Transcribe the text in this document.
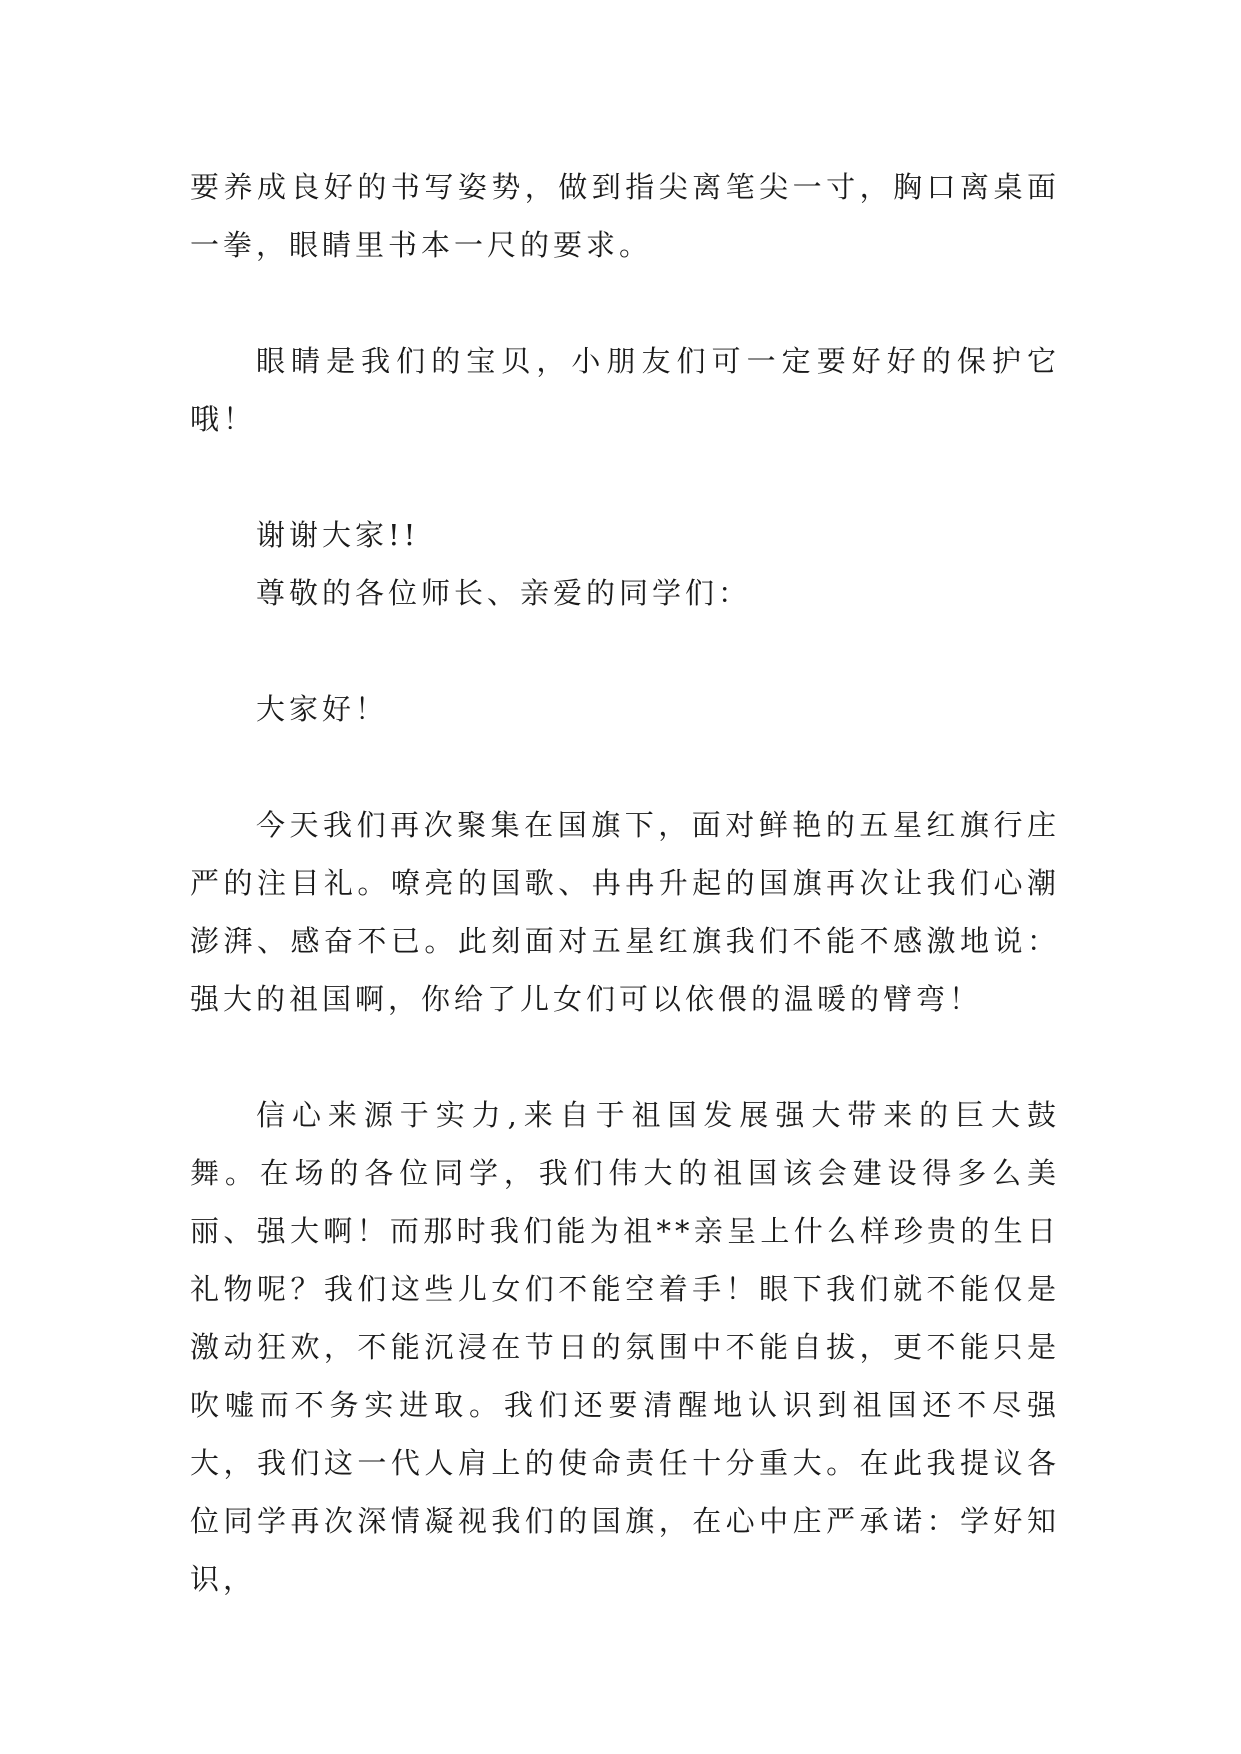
要养成良好的书写姿势，做到指尖离笔尖一寸，胸口离桌面一拳，眼睛里书本一尺的要求。

眼睛是我们的宝贝，小朋友们可一定要好好的保护它哦！

谢谢大家!!

尊敬的各位师长、亲爱的同学们：

大家好！

今天我们再次聚集在国旗下，面对鲜艳的五星红旗行庄严的注目礼。嘹亮的国歌、冉冉升起的国旗再次让我们心潮澎湃、感奋不已。此刻面对五星红旗我们不能不感激地说：强大的祖国啊，你给了儿女们可以依偎的温暖的臂弯！

信心来源于实力,来自于祖国发展强大带来的巨大鼓舞。在场的各位同学，我们伟大的祖国该会建设得多么美丽、强大啊！而那时我们能为祖**亲呈上什么样珍贵的生日礼物呢？我们这些儿女们不能空着手！眼下我们就不能仅是激动狂欢，不能沉浸在节日的氛围中不能自拔，更不能只是吹嘘而不务实进取。我们还要清醒地认识到祖国还不尽强大，我们这一代人肩上的使命责任十分重大。在此我提议各位同学再次深情凝视我们的国旗，在心中庄严承诺：学好知识，
